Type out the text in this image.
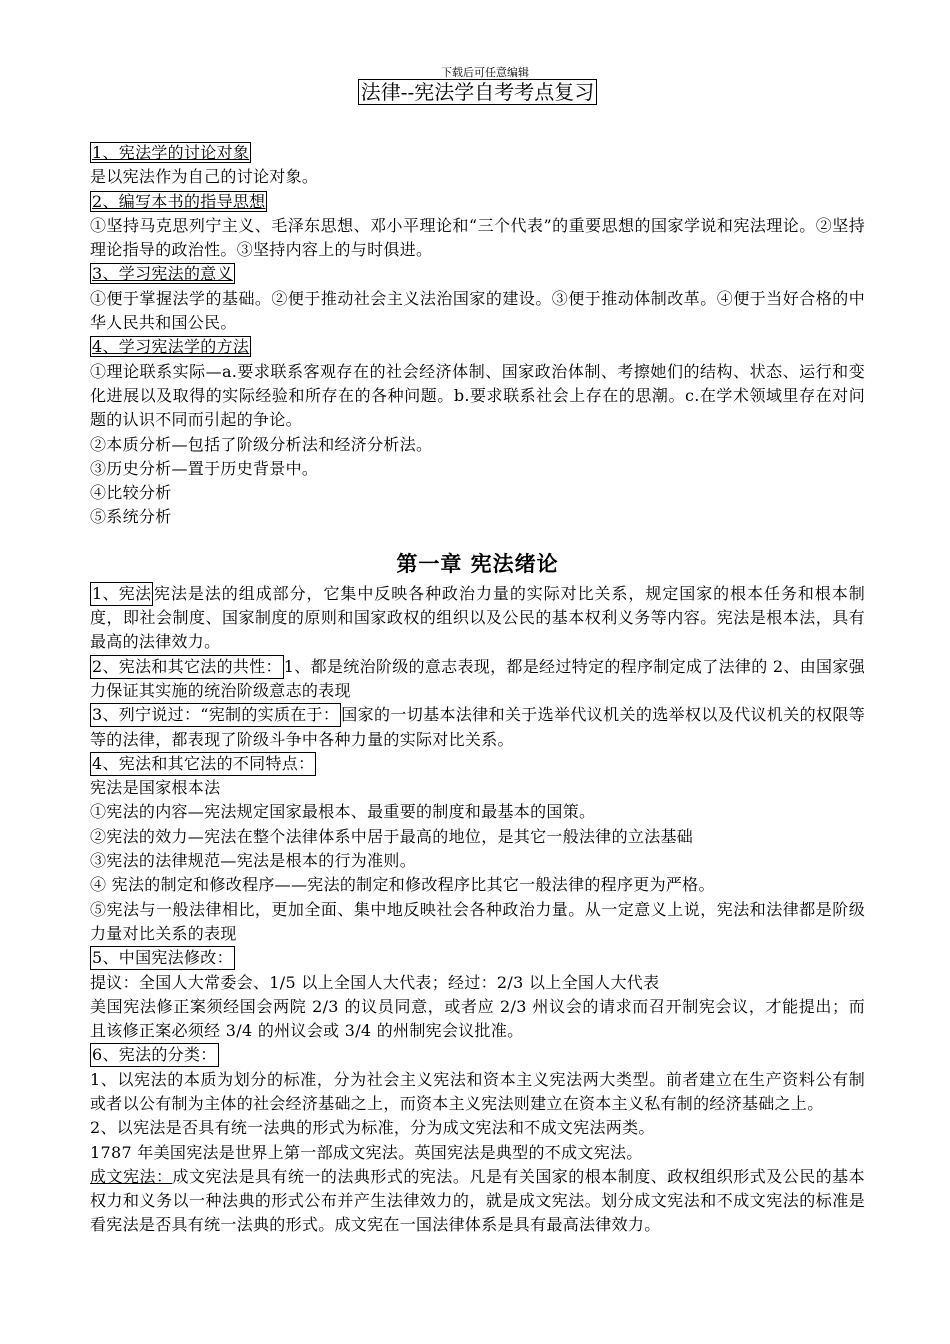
下载后可任意编辑
法律--宪法学自考考点复习
1、宪法学的讨论对象
是以宪法作为自己的讨论对象。
2、编写本书的指导思想
①坚持马克思列宁主义、毛泽东思想、邓小平理论和“三个代表”的重要思想的国家学说和宪法理论。②坚持理论指导的政治性。③坚持内容上的与时俱进。
3、学习宪法的意义
①便于掌握法学的基础。②便于推动社会主义法治国家的建设。③便于推动体制改革。④便于当好合格的中华人民共和国公民。
4、学习宪法学的方法
①理论联系实际—a.要求联系客观存在的社会经济体制、国家政治体制、考擦她们的结构、状态、运行和变化进展以及取得的实际经验和所存在的各种问题。b.要求联系社会上存在的思潮。c.在学术领域里存在对问题的认识不同而引起的争论。
②本质分析—包括了阶级分析法和经济分析法。
③历史分析—置于历史背景中。
④比较分析
⑤系统分析
第一章 宪法绪论
1、宪法 宪法是法的组成部分，它集中反映各种政治力量的实际对比关系，规定国家的根本任务和根本制度，即社会制度、国家制度的原则和国家政权的组织以及公民的基本权利义务等内容。宪法是根本法，具有最高的法律效力。
2、宪法和其它法的共性： 1、都是统治阶级的意志表现，都是经过特定的程序制定成了法律的 2、由国家强力保证其实施的统治阶级意志的表现
3、列宁说过：“宪制的实质在于： 国家的一切基本法律和关于选举代议机关的选举权以及代议机关的权限等等的法律，都表现了阶级斗争中各种力量的实际对比关系。
4、宪法和其它法的不同特点：
宪法是国家根本法
①宪法的内容—宪法规定国家最根本、最重要的制度和最基本的国策。
②宪法的效力—宪法在整个法律体系中居于最高的地位，是其它一般法律的立法基础
③宪法的法律规范—宪法是根本的行为准则。
④ 宪法的制定和修改程序——宪法的制定和修改程序比其它一般法律的程序更为严格。
⑤宪法与一般法律相比，更加全面、集中地反映社会各种政治力量。从一定意义上说，宪法和法律都是阶级力量对比关系的表现
5、中国宪法修改：
提议：全国人大常委会、1/5 以上全国人大代表；经过：2/3 以上全国人大代表
美国宪法修正案须经国会两院 2/3 的议员同意，或者应 2/3 州议会的请求而召开制宪会议，才能提出；而且该修正案必须经 3/4 的州议会或 3/4 的州制宪会议批准。
6、宪法的分类：
1、以宪法的本质为划分的标准，分为社会主义宪法和资本主义宪法两大类型。前者建立在生产资料公有制或者以公有制为主体的社会经济基础之上，而资本主义宪法则建立在资本主义私有制的经济基础之上。
2、以宪法是否具有统一法典的形式为标准，分为成文宪法和不成文宪法两类。
1787 年美国宪法是世界上第一部成文宪法。英国宪法是典型的不成文宪法。
成文宪法：成文宪法是具有统一的法典形式的宪法。凡是有关国家的根本制度、政权组织形式及公民的基本权力和义务以一种法典的形式公布并产生法律效力的，就是成文宪法。划分成文宪法和不成文宪法的标准是看宪法是否具有统一法典的形式。成文宪在一国法律体系是具有最高法律效力。
